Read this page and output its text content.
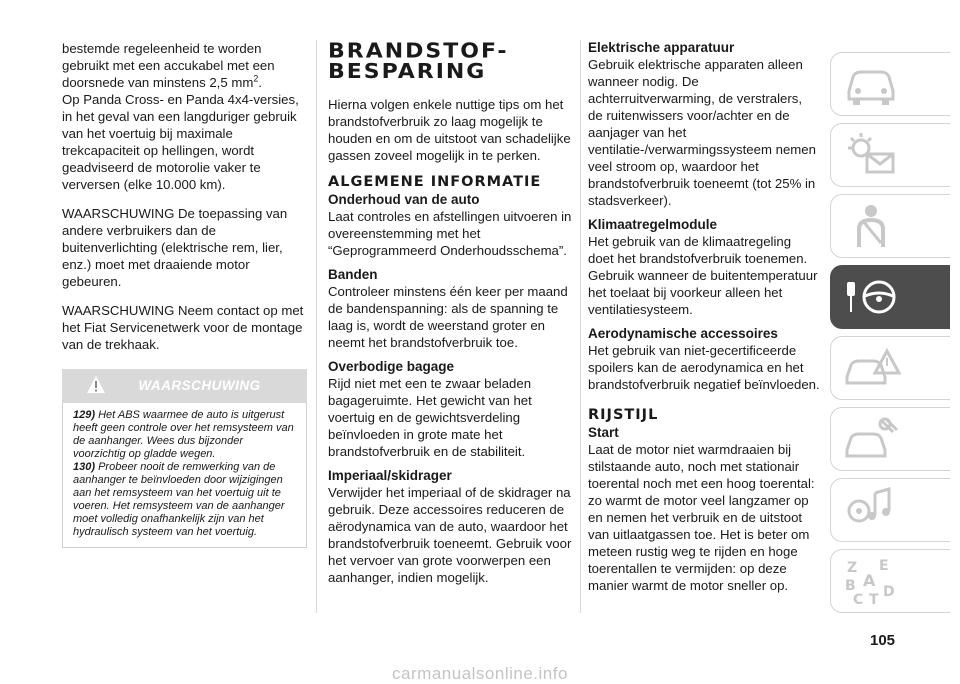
bestemde regeleenheid te worden gebruikt met een accukabel met een doorsnede van minstens 2,5 $mm^2$.

Op Panda Cross- en Panda 4x4-versies, in het geval van een langduriger gebruik van het voertuig bij maximale trekcapaciteit op hellingen, wordt geadviseerd de motorolie vaker te verversen (elke 10.000 km).

WAARSCHUWING De toepassing van andere verbruikers dan de buitenverlichting (elektrische rem, lier, enz.) moet met draaiende motor gebeuren.

WAARSCHUWING Neem contact op met het Fiat Servicenetwerk voor de montage van de trekhaak.

WAARSCHUWING

129) Het ABS waarmee de auto is uitgerust heeft geen controle over het remsysteem van de aanhanger. Wees dus bijzonder voorzichtig op gladde wegen.

130) Probeer nooit de remwerking van de aanhanger te beïnvloeden door wijzigingen aan het remsysteem van het voertuig uit te voeren. Het remsysteem van de aanhanger moet volledig onafhankelijk zijn van het hydraulisch systeem van het voertuig.

BRANDSTOF-BESPARING

Hierna volgen enkele nuttige tips om het brandstofverbruik zo laag mogelijk te houden en om de uitstoot van schadelijke gassen zoveel mogelijk in te perken.

ALGEMENE INFORMATIE
Onderhoud van de auto

Laat controles en afstellingen uitvoeren in overeenstemming met het “Geprogrammeerd Onderhoudsschema”.

Banden

Controleer minstens één keer per maand de bandenspanning: als de spanning te laag is, wordt de weerstand groter en neemt het brandstofverbruik toe.

Overbodige bagage

Rijd niet met een te zwaar beladen bagageruimte. Het gewicht van het voertuig en de gewichtsverdeling beïnvloeden in grote mate het brandstofverbruik en de stabiliteit.

Imperiaal/skidrager

Verwijder het imperiaal of de skidrager na gebruik. Deze accessoires reduceren de aërodynamica van de auto, waardoor het brandstofverbruik toeneemt. Gebruik voor het vervoer van grote voorwerpen een aanhanger, indien mogelijk.

Elektrische apparatuur

Gebruik elektrische apparaten alleen wanneer nodig. De achterruitverwarming, de verstralers, de ruitenwissers voor/achter en de aanjager van het ventilatie-/verwarmingssysteem nemen veel stroom op, waardoor het brandstofverbruik toeneemt (tot 25% in stadsverkeer).

Klimaatregelmodule

Het gebruik van de klimaatregeling doet het brandstofverbruik toenemen. Gebruik wanneer de buitentemperatuur het toelaat bij voorkeur alleen het ventilatiesysteem.

Aerodynamische accessoires

Het gebruik van niet-gecertificeerde spoilers kan de aerodynamica en het brandstofverbruik negatief beïnvloeden.

RIJSTIJL
Start

Laat de motor niet warmdraaien bij stilstaande auto, noch met stationair toerental noch met een hoog toerental: zo warmt de motor veel langzamer op en nemen het verbruik en de uitstoot van uitlaatgassen toe. Het is beter om meteen rustig weg te rijden en hoge toerentallen te vermijden: op deze manier warmt de motor sneller op.

Z E
B A
C T D
105
carmanualsonline.info
